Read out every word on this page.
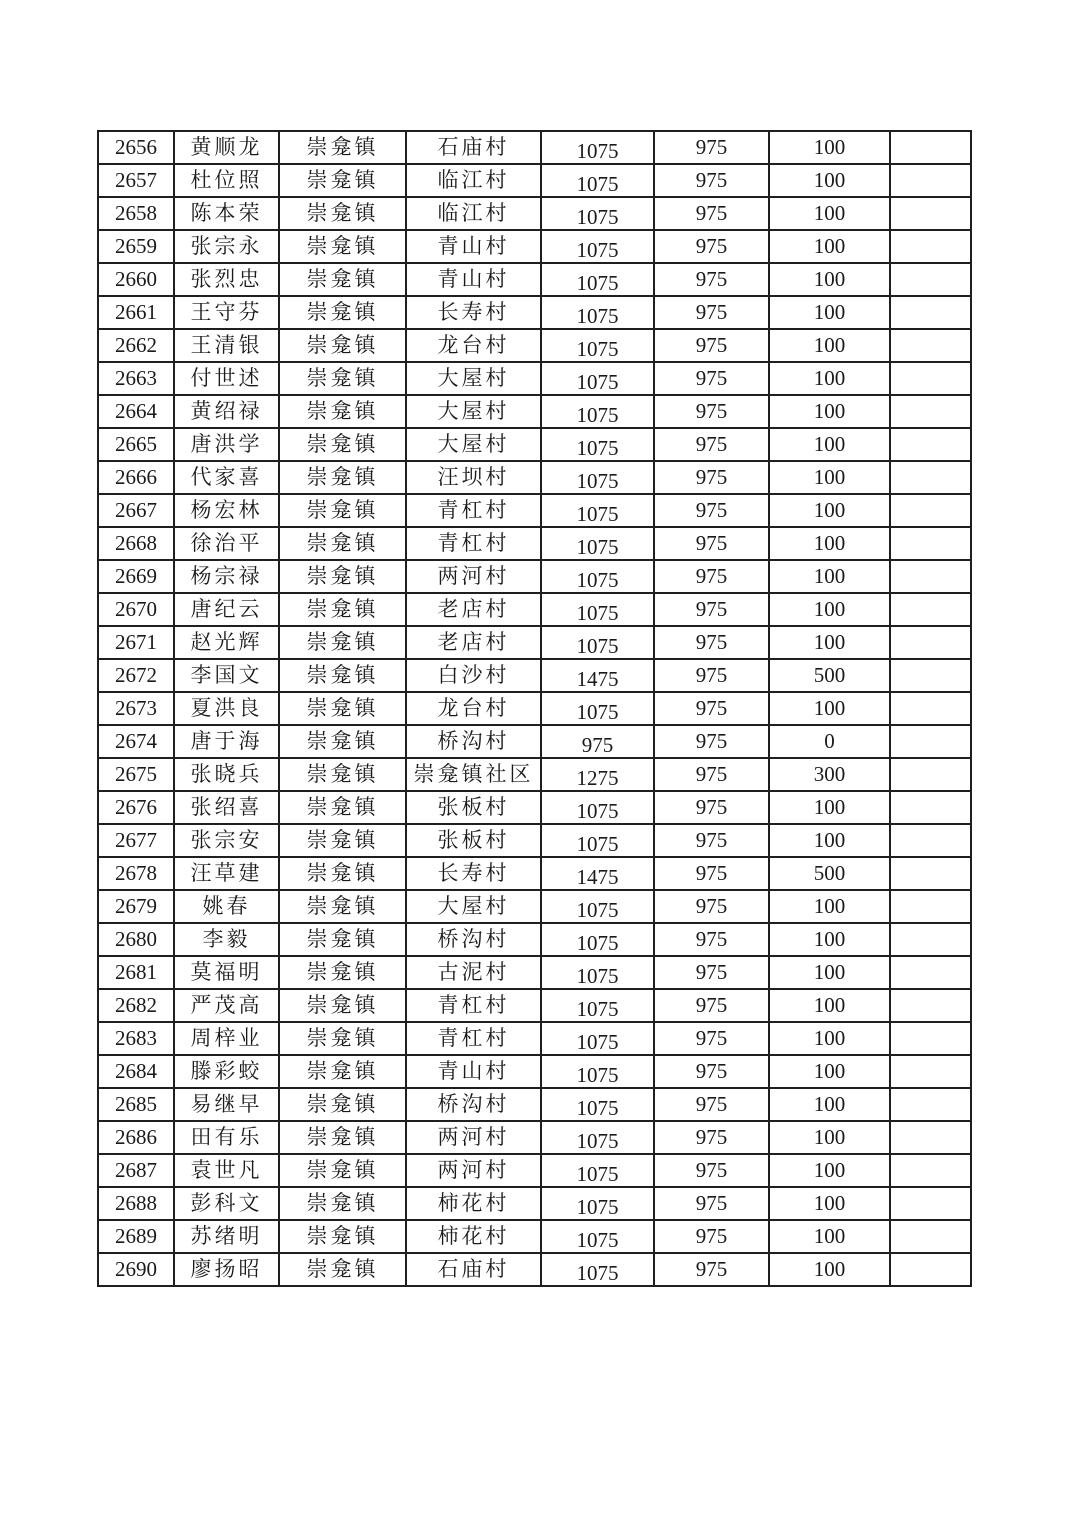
2656	黄顺龙	崇龛镇	石庙村	1075	975	100	
2657	杜位照	崇龛镇	临江村	1075	975	100	
2658	陈本荣	崇龛镇	临江村	1075	975	100	
2659	张宗永	崇龛镇	青山村	1075	975	100	
2660	张烈忠	崇龛镇	青山村	1075	975	100	
2661	王守芬	崇龛镇	长寿村	1075	975	100	
2662	王清银	崇龛镇	龙台村	1075	975	100	
2663	付世述	崇龛镇	大屋村	1075	975	100	
2664	黄绍禄	崇龛镇	大屋村	1075	975	100	
2665	唐洪学	崇龛镇	大屋村	1075	975	100	
2666	代家喜	崇龛镇	汪坝村	1075	975	100	
2667	杨宏林	崇龛镇	青杠村	1075	975	100	
2668	徐治平	崇龛镇	青杠村	1075	975	100	
2669	杨宗禄	崇龛镇	两河村	1075	975	100	
2670	唐纪云	崇龛镇	老店村	1075	975	100	
2671	赵光辉	崇龛镇	老店村	1075	975	100	
2672	李国文	崇龛镇	白沙村	1475	975	500	
2673	夏洪良	崇龛镇	龙台村	1075	975	100	
2674	唐于海	崇龛镇	桥沟村	975	975	0	
2675	张晓兵	崇龛镇	崇龛镇社区	1275	975	300	
2676	张绍喜	崇龛镇	张板村	1075	975	100	
2677	张宗安	崇龛镇	张板村	1075	975	100	
2678	汪草建	崇龛镇	长寿村	1475	975	500	
2679	姚春	崇龛镇	大屋村	1075	975	100	
2680	李毅	崇龛镇	桥沟村	1075	975	100	
2681	莫福明	崇龛镇	古泥村	1075	975	100	
2682	严茂高	崇龛镇	青杠村	1075	975	100	
2683	周梓业	崇龛镇	青杠村	1075	975	100	
2684	滕彩蛟	崇龛镇	青山村	1075	975	100	
2685	易继早	崇龛镇	桥沟村	1075	975	100	
2686	田有乐	崇龛镇	两河村	1075	975	100	
2687	袁世凡	崇龛镇	两河村	1075	975	100	
2688	彭科文	崇龛镇	柿花村	1075	975	100	
2689	苏绪明	崇龛镇	柿花村	1075	975	100	
2690	廖扬昭	崇龛镇	石庙村	1075	975	100	
